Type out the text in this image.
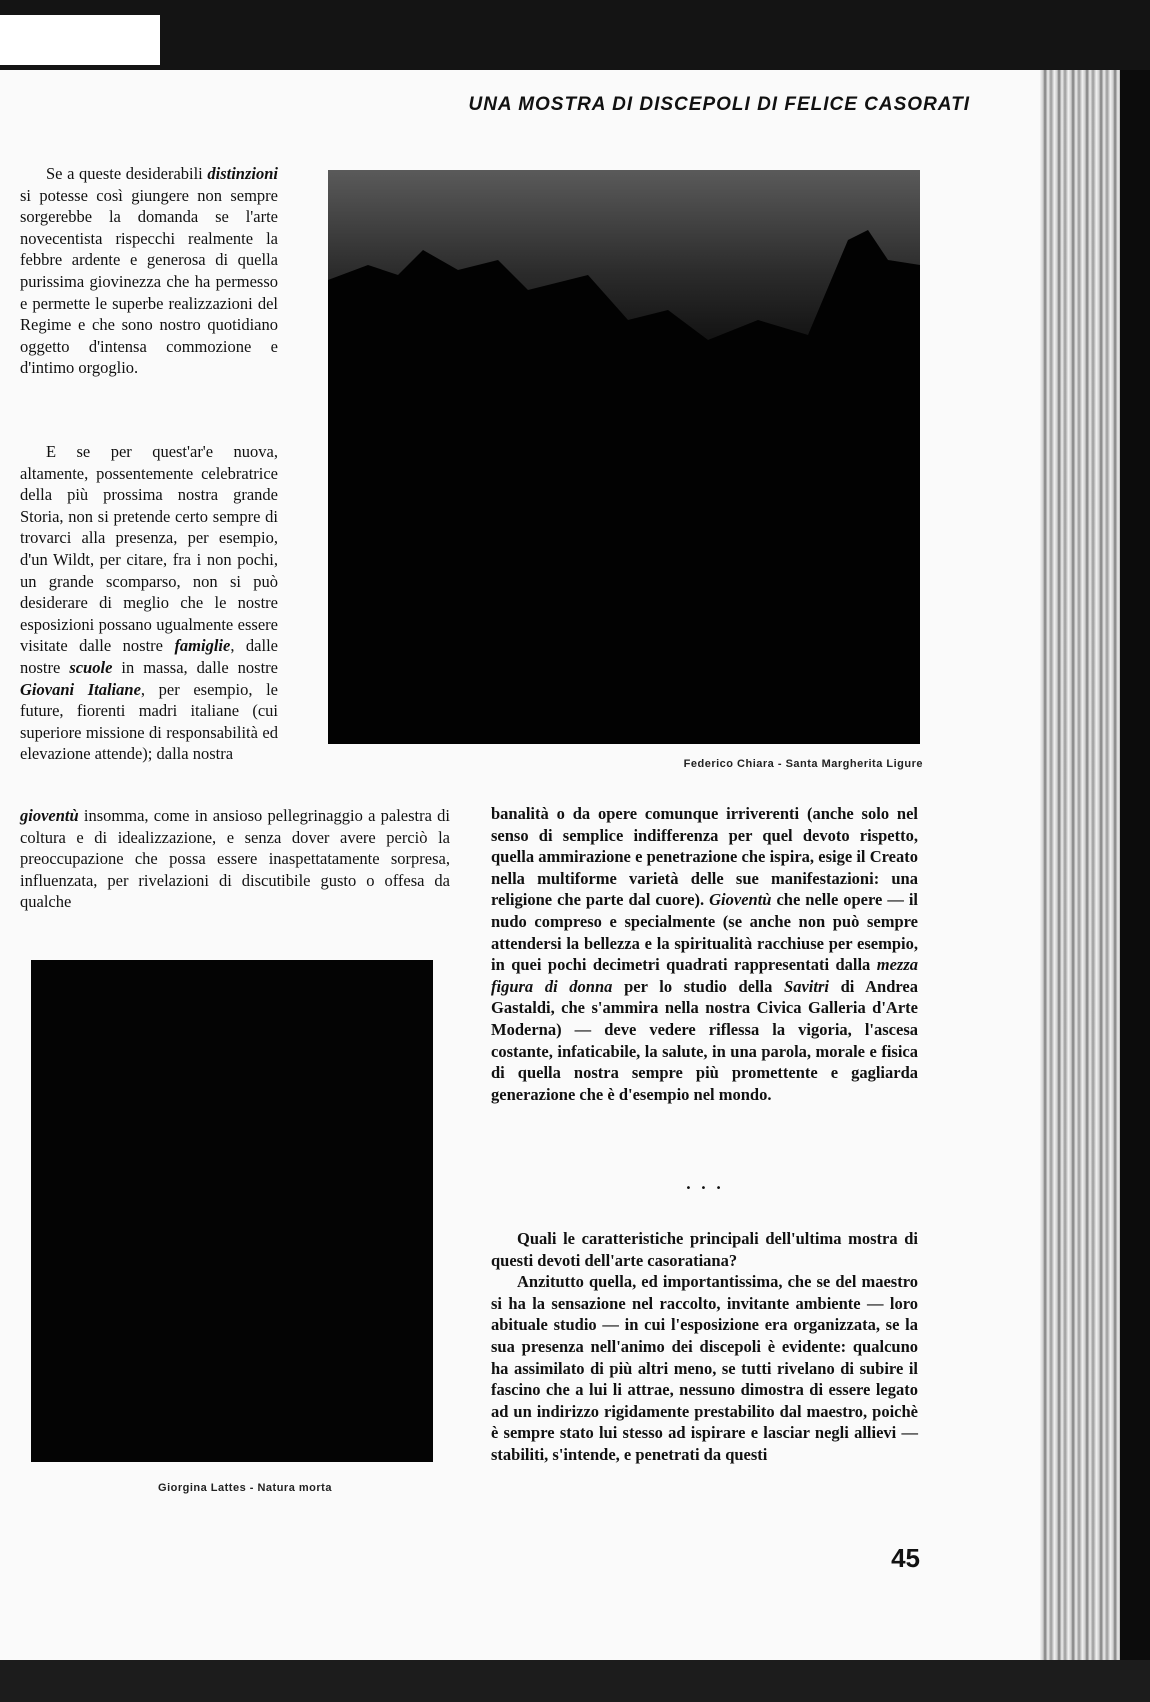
UNA MOSTRA DI DISCEPOLI DI FELICE CASORATI

Se a queste desiderabili distinzioni si potesse così giungere non sempre sorgerebbe la domanda se l'arte novecentista rispecchi realmente la febbre ardente e generosa di quella purissima giovinezza che ha permesso e permette le superbe realizzazioni del Regime e che sono nostro quotidiano oggetto d'intensa commozione e d'intimo orgoglio.

E se per quest'ar'e nuova, altamente, possentemente celebratrice della più prossima nostra grande Storia, non si pretende certo sempre di trovarci alla presenza, per esempio, d'un Wildt, per citare, fra i non pochi, un grande scomparso, non si può desiderare di meglio che le nostre esposizioni possano ugualmente essere visitate dalle nostre famiglie, dalle nostre scuole in massa, dalle nostre Giovani Italiane, per esempio, le future, fiorenti madri italiane (cui superiore missione di responsabilità ed elevazione attende); dalla nostra

gioventù insomma, come in ansioso pellegrinaggio a palestra di coltura e di idealizzazione, e senza dover avere perciò la preoccupazione che possa essere inaspettatamente sorpresa, influenzata, per rivelazioni di discutibile gusto o offesa da qualche

Federico Chiara - Santa Margherita Ligure

Giorgina Lattes - Natura morta

banalità o da opere comunque irriverenti (anche solo nel senso di semplice indifferenza per quel devoto rispetto, quella ammirazione e penetrazione che ispira, esige il Creato nella multiforme varietà delle sue manifestazioni: una religione che parte dal cuore). Gioventù che nelle opere — il nudo compreso e specialmente (se anche non può sempre attendersi la bellezza e la spiritualità racchiuse per esempio, in quei pochi decimetri quadrati rappresentati dalla mezza figura di donna per lo studio della Savitri di Andrea Gastaldi, che s'ammira nella nostra Civica Galleria d'Arte Moderna) — deve vedere riflessa la vigoria, l'ascesa costante, infaticabile, la salute, in una parola, morale e fisica di quella nostra sempre più promettente e gagliarda generazione che è d'esempio nel mondo.

• • •

Quali le caratteristiche principali dell'ultima mostra di questi devoti dell'arte casoratiana?

Anzitutto quella, ed importantissima, che se del maestro si ha la sensazione nel raccolto, invitante ambiente — loro abituale studio — in cui l'esposizione era organizzata, se la sua presenza nell'animo dei discepoli è evidente: qualcuno ha assimilato di più altri meno, se tutti rivelano di subire il fascino che a lui li attrae, nessuno dimostra di essere legato ad un indirizzo rigidamente prestabilito dal maestro, poichè è sempre stato lui stesso ad ispirare e lasciar negli allievi — stabiliti, s'intende, e penetrati da questi

45
